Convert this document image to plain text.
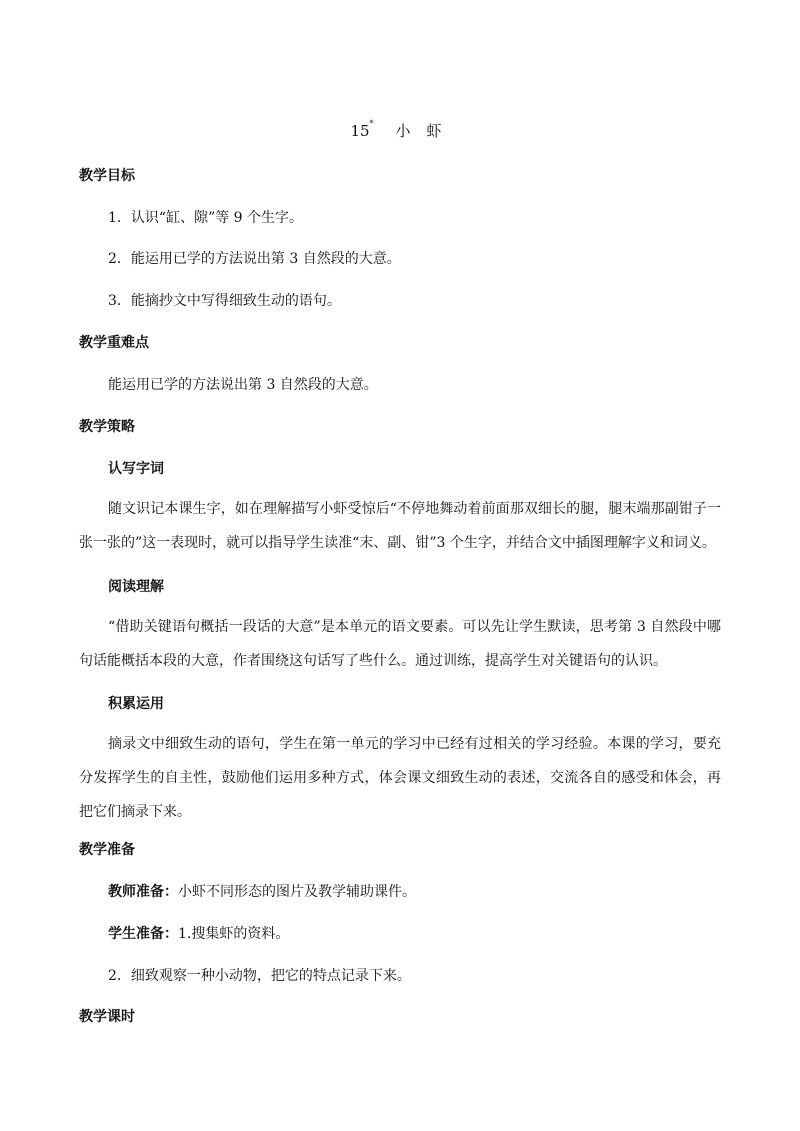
15* 小 虾
教学目标
1．认识“缸、隙”等 9 个生字。
2．能运用已学的方法说出第 3 自然段的大意。
3．能摘抄文中写得细致生动的语句。
教学重难点
能运用已学的方法说出第 3 自然段的大意。
教学策略
认写字词

随文识记本课生字，如在理解描写小虾受惊后“不停地舞动着前面那双细长的腿，腿末端那副钳子一张一张的”这一表现时，就可以指导学生读准“末、副、钳”3 个生字，并结合文中插图理解字义和词义。

阅读理解

“借助关键语句概括一段话的大意”是本单元的语文要素。可以先让学生默读，思考第 3 自然段中哪句话能概括本段的大意，作者围绕这句话写了些什么。通过训练，提高学生对关键语句的认识。

积累运用

摘录文中细致生动的语句，学生在第一单元的学习中已经有过相关的学习经验。本课的学习，要充分发挥学生的自主性，鼓励他们运用多种方式，体会课文细致生动的表述，交流各自的感受和体会，再把它们摘录下来。

教学准备
教师准备：小虾不同形态的图片及教学辅助课件。
学生准备：1.搜集虾的资料。
2．细致观察一种小动物，把它的特点记录下来。
教学课时
